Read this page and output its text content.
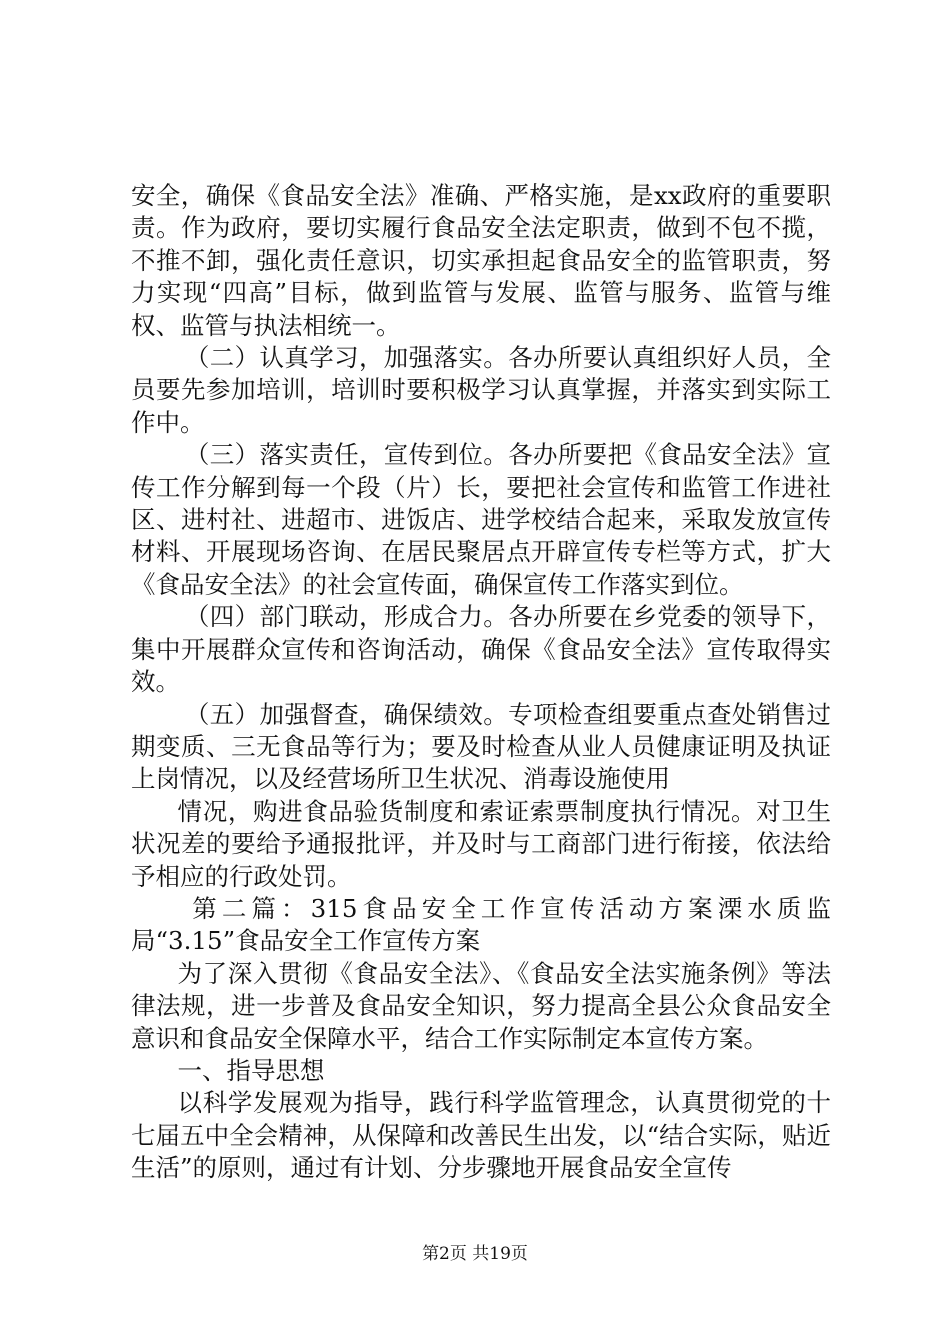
安全，确保《食品安全法》准确、严格实施，是xx政府的重要职责。作为政府，要切实履行食品安全法定职责，做到不包不揽，不推不卸，强化责任意识，切实承担起食品安全的监管职责，努力实现“四高”目标，做到监管与发展、监管与服务、监管与维权、监管与执法相统一。

（二）认真学习，加强落实。各办所要认真组织好人员，全员要先参加培训，培训时要积极学习认真掌握，并落实到实际工作中。

（三）落实责任，宣传到位。各办所要把《食品安全法》宣传工作分解到每一个段（片）长，要把社会宣传和监管工作进社区、进村社、进超市、进饭店、进学校结合起来，采取发放宣传材料、开展现场咨询、在居民聚居点开辟宣传专栏等方式，扩大《食品安全法》的社会宣传面，确保宣传工作落实到位。

（四）部门联动，形成合力。各办所要在乡党委的领导下，集中开展群众宣传和咨询活动，确保《食品安全法》宣传取得实效。

（五）加强督查，确保绩效。专项检查组要重点查处销售过期变质、三无食品等行为；要及时检查从业人员健康证明及执证上岗情况，以及经营场所卫生状况、消毒设施使用

情况，购进食品验货制度和索证索票制度执行情况。对卫生状况差的要给予通报批评，并及时与工商部门进行衔接，依法给予相应的行政处罚。

第二篇：315食品安全工作宣传活动方案溧水质监局“3.15”食品安全工作宣传方案

为了深入贯彻《食品安全法》、《食品安全法实施条例》等法律法规，进一步普及食品安全知识，努力提高全县公众食品安全意识和食品安全保障水平，结合工作实际制定本宣传方案。

一、指导思想

以科学发展观为指导，践行科学监管理念，认真贯彻党的十七届五中全会精神，从保障和改善民生出发，以“结合实际，贴近生活”的原则，通过有计划、分步骤地开展食品安全宣传

第2页 共19页
